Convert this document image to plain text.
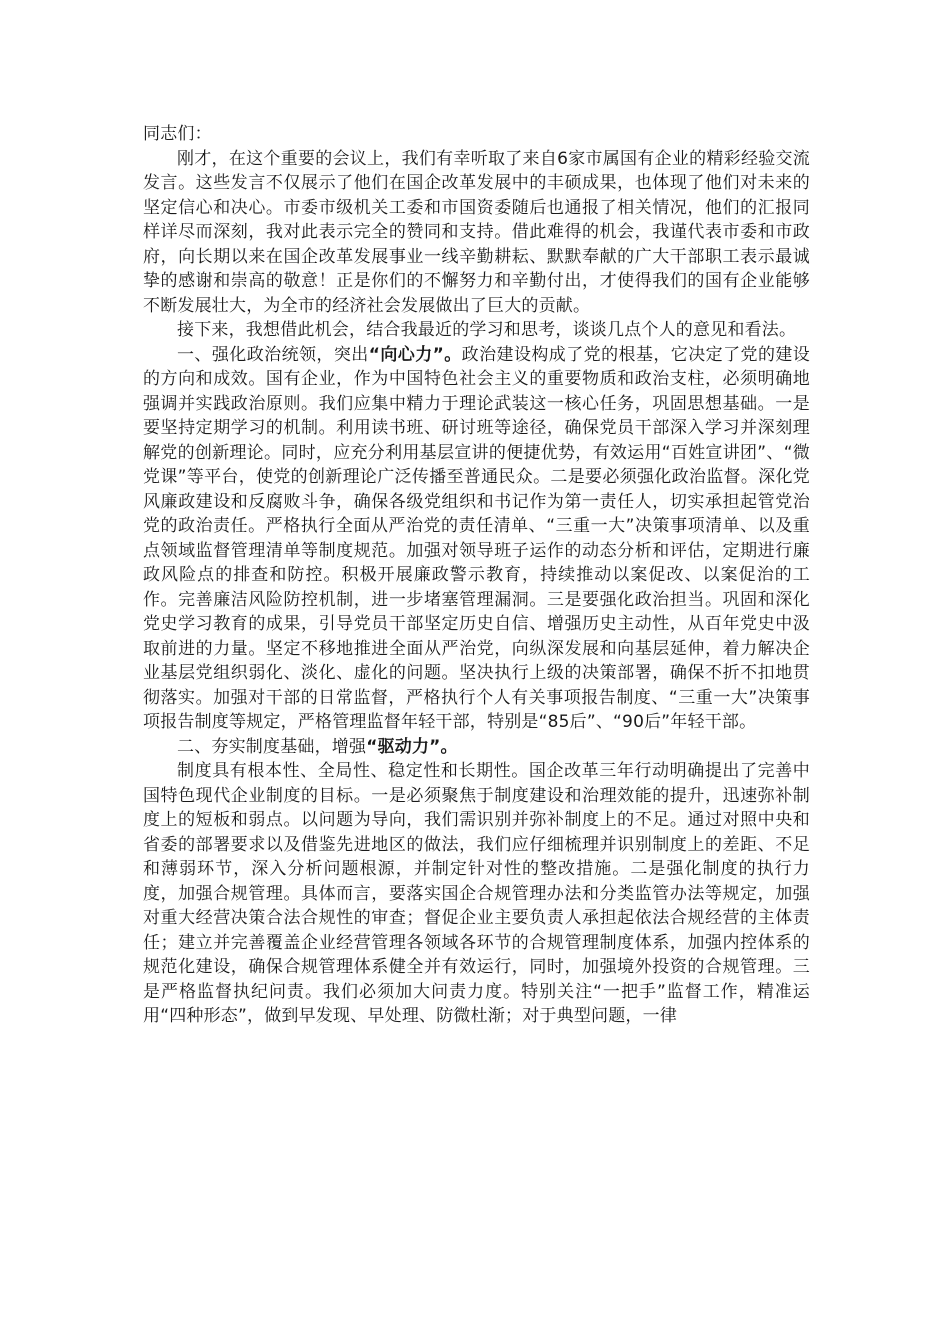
同志们：

刚才，在这个重要的会议上，我们有幸听取了来自6家市属国有企业的精彩经验交流发言。这些发言不仅展示了他们在国企改革发展中的丰硕成果，也体现了他们对未来的坚定信心和决心。市委市级机关工委和市国资委随后也通报了相关情况，他们的汇报同样详尽而深刻，我对此表示完全的赞同和支持。借此难得的机会，我谨代表市委和市政府，向长期以来在国企改革发展事业一线辛勤耕耘、默默奉献的广大干部职工表示最诚挚的感谢和崇高的敬意！正是你们的不懈努力和辛勤付出，才使得我们的国有企业能够不断发展壮大，为全市的经济社会发展做出了巨大的贡献。

接下来，我想借此机会，结合我最近的学习和思考，谈谈几点个人的意见和看法。

一、强化政治统领，突出“向心力”。政治建设构成了党的根基，它决定了党的建设的方向和成效。国有企业，作为中国特色社会主义的重要物质和政治支柱，必须明确地强调并实践政治原则。我们应集中精力于理论武装这一核心任务，巩固思想基础。一是要坚持定期学习的机制。利用读书班、研讨班等途径，确保党员干部深入学习并深刻理解党的创新理论。同时，应充分利用基层宣讲的便捷优势，有效运用“百姓宣讲团”、“微党课”等平台，使党的创新理论广泛传播至普通民众。二是要必须强化政治监督。深化党风廉政建设和反腐败斗争，确保各级党组织和书记作为第一责任人，切实承担起管党治党的政治责任。严格执行全面从严治党的责任清单、“三重一大”决策事项清单、以及重点领域监督管理清单等制度规范。加强对领导班子运作的动态分析和评估，定期进行廉政风险点的排查和防控。积极开展廉政警示教育，持续推动以案促改、以案促治的工作。完善廉洁风险防控机制，进一步堵塞管理漏洞。三是要强化政治担当。巩固和深化党史学习教育的成果，引导党员干部坚定历史自信、增强历史主动性，从百年党史中汲取前进的力量。坚定不移地推进全面从严治党，向纵深发展和向基层延伸，着力解决企业基层党组织弱化、淡化、虚化的问题。坚决执行上级的决策部署，确保不折不扣地贯彻落实。加强对干部的日常监督，严格执行个人有关事项报告制度、“三重一大”决策事项报告制度等规定，严格管理监督年轻干部，特别是“85后”、“90后”年轻干部。

二、夯实制度基础，增强“驱动力”。

制度具有根本性、全局性、稳定性和长期性。国企改革三年行动明确提出了完善中国特色现代企业制度的目标。一是必须聚焦于制度建设和治理效能的提升，迅速弥补制度上的短板和弱点。以问题为导向，我们需识别并弥补制度上的不足。通过对照中央和省委的部署要求以及借鉴先进地区的做法，我们应仔细梳理并识别制度上的差距、不足和薄弱环节，深入分析问题根源，并制定针对性的整改措施。二是强化制度的执行力度，加强合规管理。具体而言，要落实国企合规管理办法和分类监管办法等规定，加强对重大经营决策合法合规性的审查；督促企业主要负责人承担起依法合规经营的主体责任；建立并完善覆盖企业经营管理各领域各环节的合规管理制度体系，加强内控体系的规范化建设，确保合规管理体系健全并有效运行，同时，加强境外投资的合规管理。三是严格监督执纪问责。我们必须加大问责力度。特别关注“一把手”监督工作，精准运用“四种形态”，做到早发现、早处理、防微杜渐；对于典型问题，一律
